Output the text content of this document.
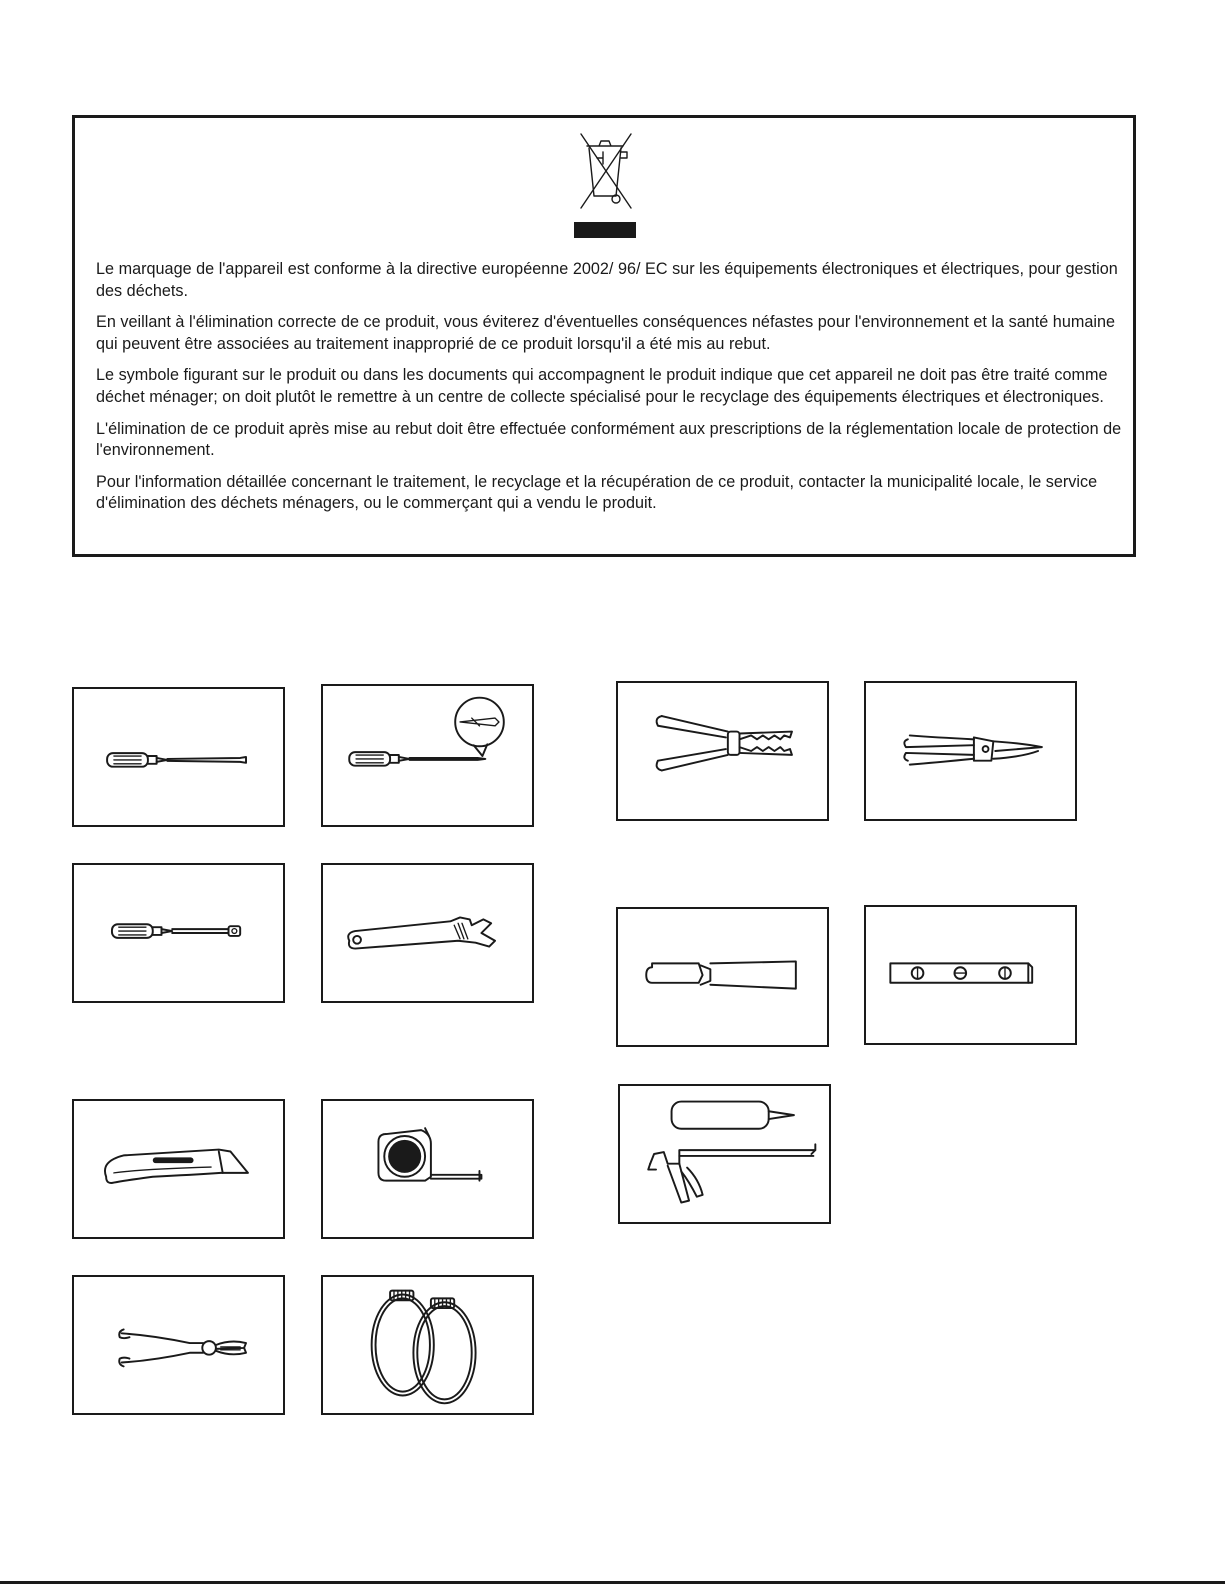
Le marquage de l'appareil est conforme à la directive européenne 2002/ 96/ EC sur les équipements électroniques et électriques, pour gestion des déchets.

En veillant à l'élimination correcte de ce produit, vous éviterez d'éventuelles conséquences néfastes pour l'environnement et la santé humaine qui peuvent être associées au traitement inapproprié de ce produit lorsqu'il a été mis au rebut.

Le symbole figurant sur le produit ou dans les documents qui accompagnent le produit indique que cet appareil ne doit pas être traité comme déchet ménager; on doit plutôt le remettre à un centre de collecte spécialisé pour le recyclage des équipements électriques et électroniques.

L'élimination de ce produit après mise au rebut doit être effectuée conformément aux prescriptions de la réglementation locale de protection de l'environnement.

Pour l'information détaillée concernant le traitement, le recyclage et la récupération de ce produit, contacter la municipalité locale, le service d'élimination des déchets ménagers, ou le commerçant qui a vendu le produit.
